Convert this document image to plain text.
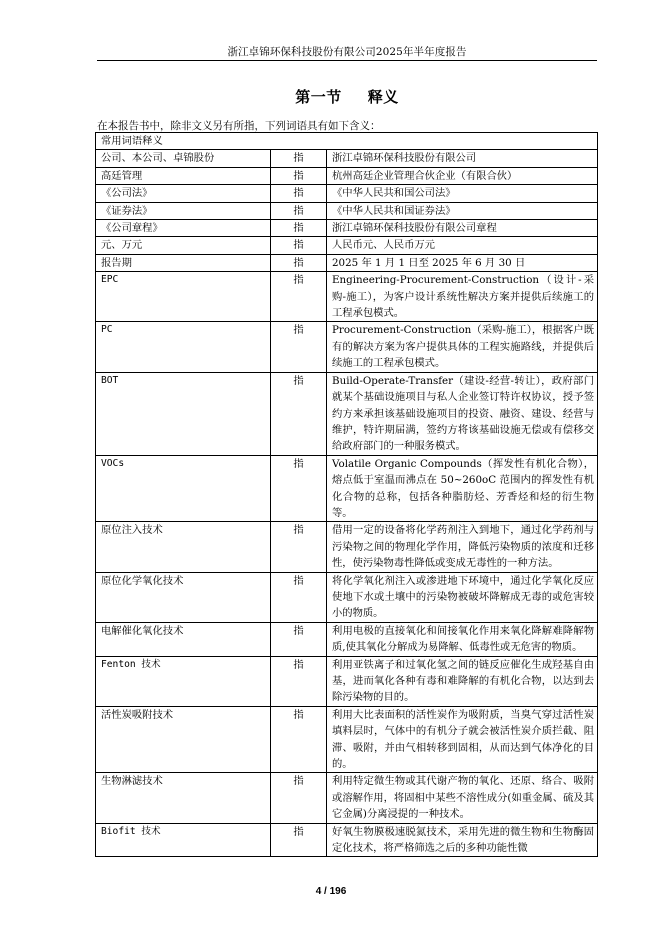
浙江卓锦环保科技股份有限公司2025年半年度报告
第一节 释义
在本报告书中，除非文义另有所指，下列词语具有如下含义：
常用词语释义		
公司、本公司、卓锦股份	指	浙江卓锦环保科技股份有限公司
高廷管理	指	杭州高廷企业管理合伙企业（有限合伙）
《公司法》	指	《中华人民共和国公司法》
《证券法》	指	《中华人民共和国证券法》
《公司章程》	指	浙江卓锦环保科技股份有限公司章程
元、万元	指	人民币元、人民币万元
报告期	指	2025 年 1 月 1 日至 2025 年 6 月 30 日
EPC	指	Engineering-Procurement-Construction（设计-采购-施工），为客户设计系统性解决方案并提供后续施工的工程承包模式。
PC	指	Procurement-Construction（采购-施工），根据客户既有的解决方案为客户提供具体的工程实施路线，并提供后续施工的工程承包模式。
BOT	指	Build-Operate-Transfer（建设-经营-转让），政府部门就某个基础设施项目与私人企业签订特许权协议，授予签约方来承担该基础设施项目的投资、融资、建设、经营与维护，特许期届满，签约方将该基础设施无偿或有偿移交给政府部门的一种服务模式。
VOCs	指	Volatile Organic Compounds（挥发性有机化合物），熔点低于室温而沸点在 50~260oC 范围内的挥发性有机化合物的总称，包括各种脂肪烃、芳香烃和烃的衍生物等。
原位注入技术	指	借用一定的设备将化学药剂注入到地下，通过化学药剂与污染物之间的物理化学作用，降低污染物质的浓度和迁移性，使污染物毒性降低或变成无毒性的一种方法。
原位化学氧化技术	指	将化学氧化剂注入或渗进地下环境中，通过化学氧化反应使地下水或土壤中的污染物被破坏降解成无毒的或危害较小的物质。
电解催化氧化技术	指	利用电极的直接氧化和间接氧化作用来氧化降解难降解物质,使其氧化分解成为易降解、低毒性或无危害的物质。
Fenton 技术	指	利用亚铁离子和过氧化氢之间的链反应催化生成羟基自由基，进而氧化各种有毒和难降解的有机化合物，以达到去除污染物的目的。
活性炭吸附技术	指	利用大比表面积的活性炭作为吸附质，当臭气穿过活性炭填料层时，气体中的有机分子就会被活性炭介质拦截、阻滞、吸附，并由气相转移到固相，从而达到气体净化的目的。
生物淋滤技术	指	利用特定微生物或其代谢产物的氧化、还原、络合、吸附或溶解作用，将固相中某些不溶性成分(如重金属、硫及其它金属)分离浸提的一种技术。
Biofit 技术	指	好氧生物膜极速脱氮技术，采用先进的微生物和生物酶固定化技术，将严格筛选之后的多种功能性微
4 / 196
